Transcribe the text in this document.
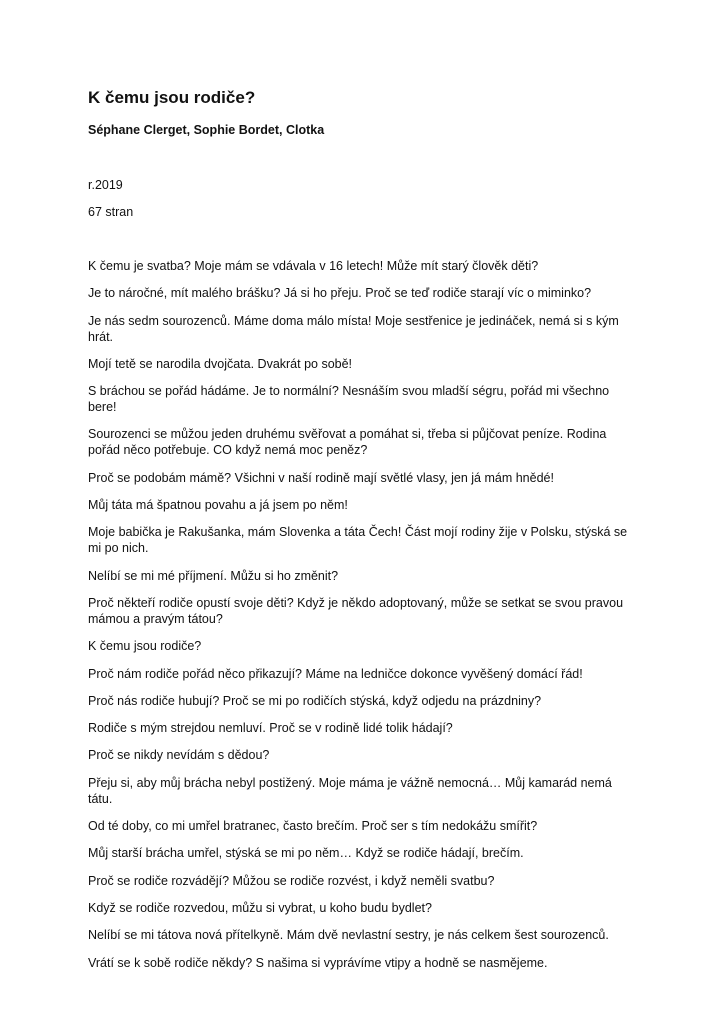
K čemu jsou rodiče?

Séphane Clerget, Sophie Bordet, Clotka

r.2019

67 stran

K čemu je svatba? Moje mám se vdávala v 16 letech! Může mít starý člověk děti?
Je to náročné, mít malého brášku? Já si ho přeju. Proč se teď rodiče starají víc o miminko?
Je nás sedm sourozenců. Máme doma málo místa! Moje sestřenice je jedináček, nemá si s kým hrát.
Mojí tetě se narodila dvojčata. Dvakrát po sobě!
S bráchou se pořád hádáme. Je to normální? Nesnáším svou mladší ségru, pořád mi všechno bere!
Sourozenci se můžou jeden druhému svěřovat a pomáhat si, třeba si půjčovat peníze. Rodina pořád něco potřebuje. CO když nemá moc peněz?
Proč se podobám mámě? Všichni v naší rodině mají světlé vlasy, jen já mám hnědé!
Můj táta má špatnou povahu a já jsem po něm!
Moje babička je Rakušanka, mám Slovenka a táta Čech! Část mojí rodiny žije v Polsku, stýská se mi po nich.
Nelíbí se mi mé příjmení. Můžu si ho změnit?
Proč někteří rodiče opustí svoje děti? Když je někdo adoptovaný, může se setkat se svou pravou mámou a pravým tátou?
K čemu jsou rodiče?
Proč nám rodiče pořád něco přikazují? Máme na ledničce dokonce vyvěšený domácí řád!
Proč nás rodiče hubují? Proč se mi po rodičích stýská, když odjedu na prázdniny?
Rodiče s mým strejdou nemluví. Proč se v rodině lidé tolik hádají?
Proč se nikdy nevídám s dědou?
Přeju si, aby můj brácha nebyl postižený. Moje máma je vážně nemocná… Můj kamarád nemá tátu.
Od té doby, co mi umřel bratranec, často brečím. Proč ser s tím nedokážu smířit?
Můj starší brácha umřel, stýská se mi po něm… Když se rodiče hádají, brečím.
Proč se rodiče rozvádějí? Můžou se rodiče rozvést, i když neměli svatbu?
Když se rodiče rozvedou, můžu si vybrat, u koho budu bydlet?
Nelíbí se mi tátova nová přítelkyně. Mám dvě nevlastní sestry, je nás celkem šest sourozenců.
Vrátí se k sobě rodiče někdy? S našima si vyprávíme vtipy a hodně se nasmějeme.
